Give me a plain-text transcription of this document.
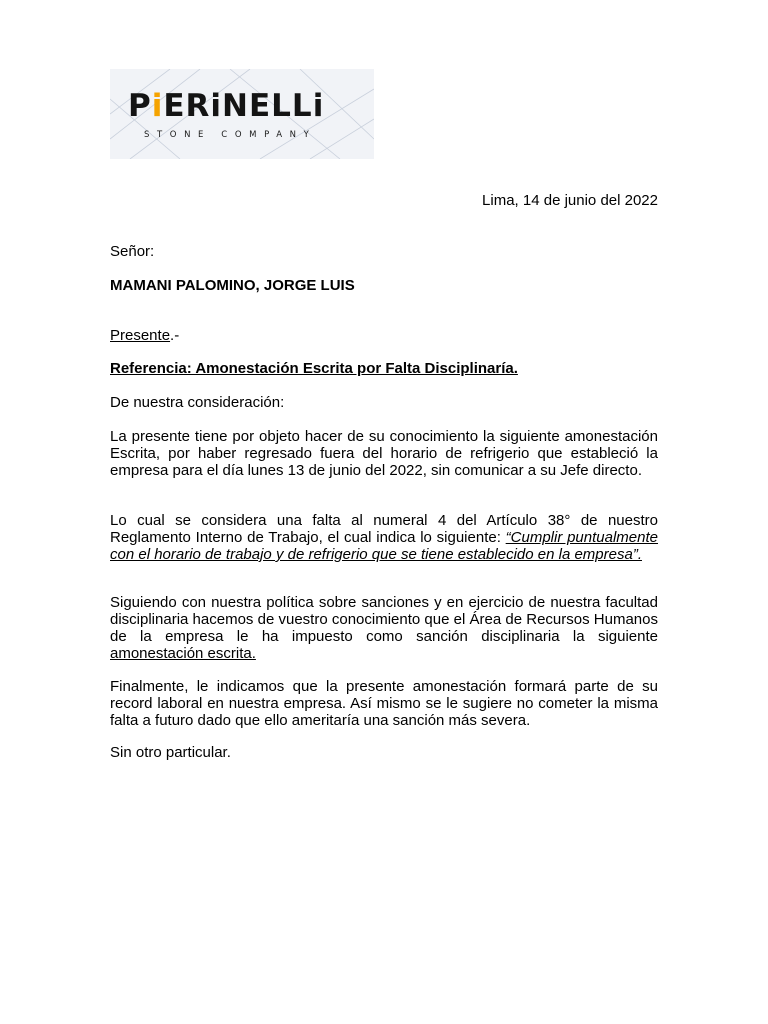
PiERiNELLi
STONE COMPANY
Lima, 14 de junio del 2022
Señor:
MAMANI PALOMINO, JORGE LUIS
Presente.-
Referencia: Amonestación Escrita por Falta Disciplinaría.
De nuestra consideración:

La presente tiene por objeto hacer de su conocimiento la siguiente amonestación Escrita, por haber regresado fuera del horario de refrigerio que estableció la empresa para el día lunes 13 de junio del 2022, sin comunicar a su Jefe directo.

Lo cual se considera una falta al numeral 4 del Artículo 38° de nuestro Reglamento Interno de Trabajo, el cual indica lo siguiente: “Cumplir puntualmente con el horario de trabajo y de refrigerio que se tiene establecido en la empresa”.

Siguiendo con nuestra política sobre sanciones y en ejercicio de nuestra facultad disciplinaria hacemos de vuestro conocimiento que el Área de Recursos Humanos de la empresa le ha impuesto como sanción disciplinaria la siguiente amonestación escrita.

Finalmente, le indicamos que la presente amonestación formará parte de su record laboral en nuestra empresa. Así mismo se le sugiere no cometer la misma falta a futuro dado que ello ameritaría una sanción más severa.

Sin otro particular.
